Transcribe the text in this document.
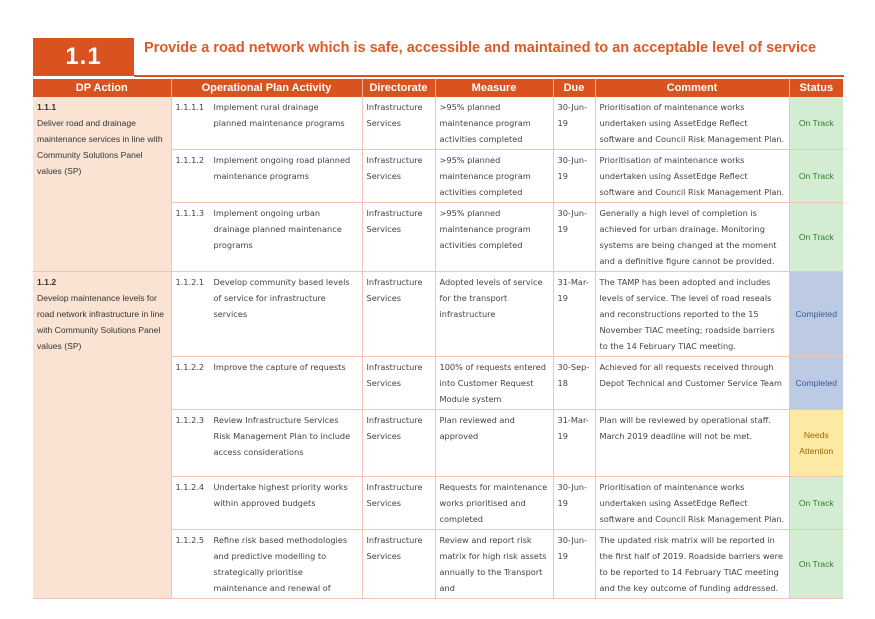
1.1	Provide a road network which is safe, accessible and maintained to an acceptable level of service
DP Action	Operational Plan Activity	Directorate	Measure	Due	Comment	Status

1.1.1
Deliver road and drainage maintenance services in line with Community Solutions Panel values (SP)	1.1.1.1 Implement rural drainage planned maintenance programs	Infrastructure Services	>95% planned maintenance program activities completed	30-Jun-19	Prioritisation of maintenance works undertaken using AssetEdge Reflect software and Council Risk Management Plan.	On Track
	1.1.1.2 Implement ongoing road planned maintenance programs	Infrastructure Services	>95% planned maintenance program activities completed	30-Jun-19	Prioritisation of maintenance works undertaken using AssetEdge Reflect software and Council Risk Management Plan.	On Track
	1.1.1.3 Implement ongoing urban drainage planned maintenance programs	Infrastructure Services	>95% planned maintenance program activities completed	30-Jun-19	Generally a high level of completion is achieved for urban drainage. Monitoring systems are being changed at the moment and a definitive figure cannot be provided.	On Track

1.1.2
Develop maintenance levels for road network infrastructure in line with Community Solutions Panel values (SP)	1.1.2.1 Develop community based levels of service for infrastructure services	Infrastructure Services	Adopted levels of service for the transport infrastructure	31-Mar-19	The TAMP has been adopted and includes levels of service. The level of road reseals and reconstructions reported to the 15 November TIAC meeting; roadside barriers to the 14 February TIAC meeting.	Completed
	1.1.2.2 Improve the capture of requests	Infrastructure Services	100% of requests entered into Customer Request Module system	30-Sep-18	Achieved for all requests received through Depot Technical and Customer Service Team	Completed
	1.1.2.3 Review Infrastructure Services Risk Management Plan to include access considerations	Infrastructure Services	Plan reviewed and approved	31-Mar-19	Plan will be reviewed by operational staff. March 2019 deadline will not be met.	Needs Attention
	1.1.2.4 Undertake highest priority works within approved budgets	Infrastructure Services	Requests for maintenance works prioritised and completed	30-Jun-19	Prioritisation of maintenance works undertaken using AssetEdge Reflect software and Council Risk Management Plan.	On Track
	1.1.2.5 Refine risk based methodologies and predictive modelling to strategically prioritise maintenance and renewal of	Infrastructure Services	Review and report risk matrix for high risk assets annually to the Transport and	30-Jun-19	The updated risk matrix will be reported in the first half of 2019. Roadside barriers were to be reported to 14 February TIAC meeting and the key outcome of funding addressed.	On Track
